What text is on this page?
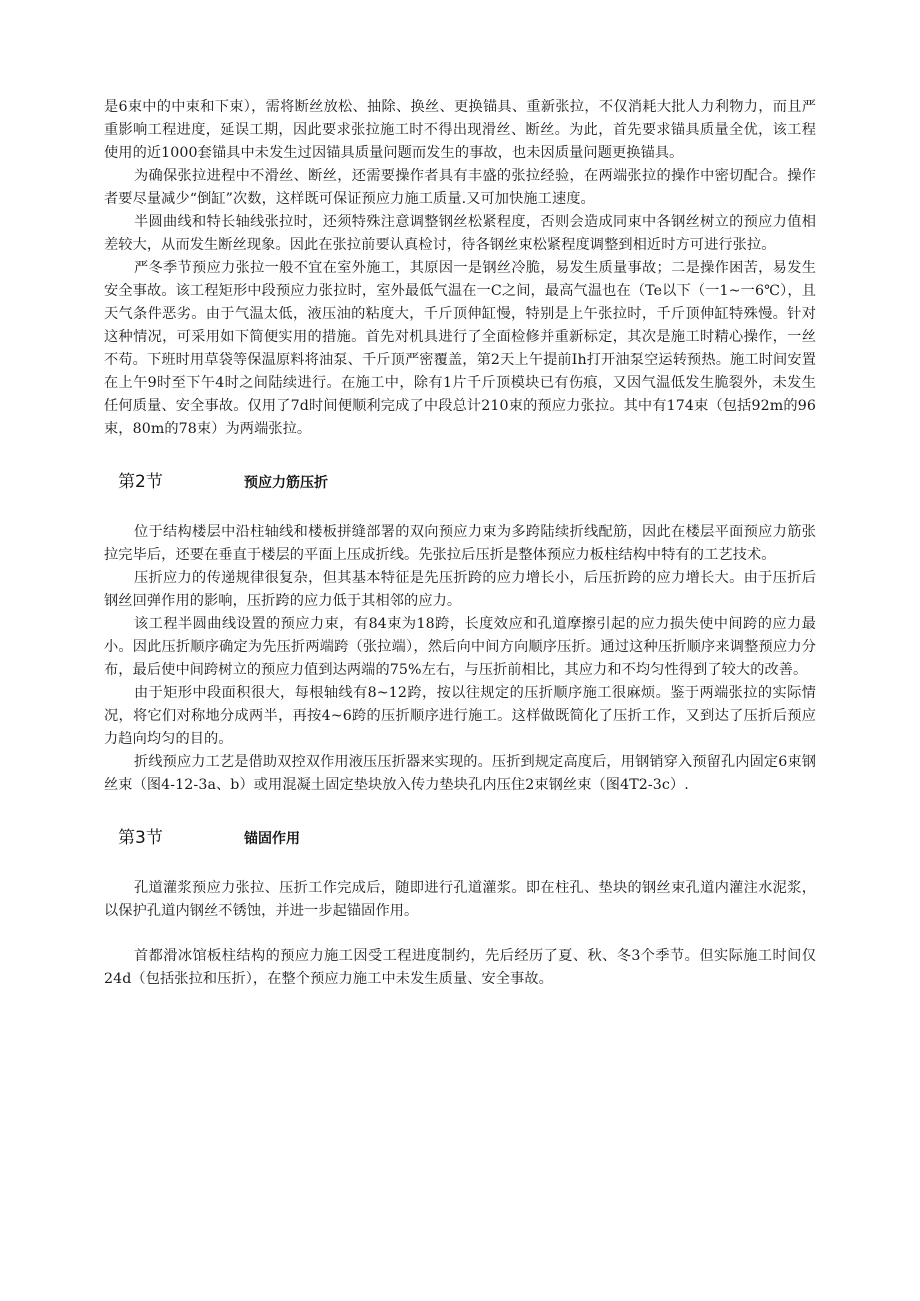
是6束中的中束和下束），需将断丝放松、抽除、换丝、更换锚具、重新张拉，不仅消耗大批人力利物力，而且严重影响工程进度，延误工期，因此要求张拉施工时不得出现滑丝、断丝。为此，首先要求锚具质量全优，该工程使用的近1000套锚具中未发生过因锚具质量问题而发生的事故，也未因质量问题更换锚具。

为确保张拉进程中不滑丝、断丝，还需要操作者具有丰盛的张拉经验，在两端张拉的操作中密切配合。操作者要尽量减少“倒缸”次数，这样既可保证预应力施工质量.又可加快施工速度。

半圆曲线和特长轴线张拉时，还须特殊注意调整钢丝松紧程度，否则会造成同束中各钢丝树立的预应力值相差较大，从而发生断丝现象。因此在张拉前要认真检讨，待各钢丝束松紧程度调整到相近时方可进行张拉。

严冬季节预应力张拉一般不宜在室外施工，其原因一是钢丝冷脆，易发生质量事故；二是操作困苦，易发生安全事故。该工程矩形中段预应力张拉时，室外最低气温在一C之间，最高气温也在（Te以下（一1~一6℃），且天气条件恶劣。由于气温太低，液压油的粘度大，千斤顶伸缸慢，特别是上午张拉时，千斤顶伸缸特殊慢。针对这种情况，可采用如下简便实用的措施。首先对机具进行了全面检修并重新标定，其次是施工时精心操作，一丝不苟。下班时用草袋等保温原料将油泵、千斤顶严密覆盖，第2天上午提前Ih打开油泵空运转预热。施工时间安置在上午9时至下午4时之间陆续进行。在施工中，除有1片千斤顶模块已有伤痕，又因气温低发生脆裂外，未发生任何质量、安全事故。仅用了7d时间便顺利完成了中段总计210束的预应力张拉。其中有174束（包括92m的96束，80m的78束）为两端张拉。

第2节	预应力筋压折

位于结构楼层中沿柱轴线和楼板拼缝部署的双向预应力束为多跨陆续折线配筋，因此在楼层平面预应力筋张拉完毕后，还要在垂直于楼层的平面上压成折线。先张拉后压折是整体预应力板柱结构中特有的工艺技术。

压折应力的传递规律很复杂，但其基本特征是先压折跨的应力增长小，后压折跨的应力增长大。由于压折后钢丝回弹作用的影响，压折跨的应力低于其相邻的应力。

该工程半圆曲线设置的预应力束，有84束为18跨，长度效应和孔道摩擦引起的应力损失使中间跨的应力最小。因此压折顺序确定为先压折两端跨（张拉端），然后向中间方向顺序压折。通过这种压折顺序来调整预应力分布，最后使中间跨树立的预应力值到达两端的75%左右，与压折前相比，其应力和不均匀性得到了较大的改善。

由于矩形中段面积很大，每根轴线有8~12跨，按以往规定的压折顺序施工很麻烦。鉴于两端张拉的实际情况，将它们对称地分成两半，再按4~6跨的压折顺序进行施工。这样做既简化了压折工作，又到达了压折后预应力趋向均匀的目的。

折线预应力工艺是借助双控双作用液压压折器来实现的。压折到规定高度后，用钢销穿入预留孔内固定6束钢丝束（图4-12-3a、b）或用混凝土固定垫块放入传力垫块孔内压住2束钢丝束（图4T2-3c）.

第3节	锚固作用

孔道灌浆预应力张拉、压折工作完成后，随即进行孔道灌浆。即在柱孔、垫块的钢丝束孔道内灌注水泥浆，以保护孔道内钢丝不锈蚀，并进一步起锚固作用。

首都滑冰馆板柱结构的预应力施工因受工程进度制约，先后经历了夏、秋、冬3个季节。但实际施工时间仅24d（包括张拉和压折），在整个预应力施工中未发生质量、安全事故。
